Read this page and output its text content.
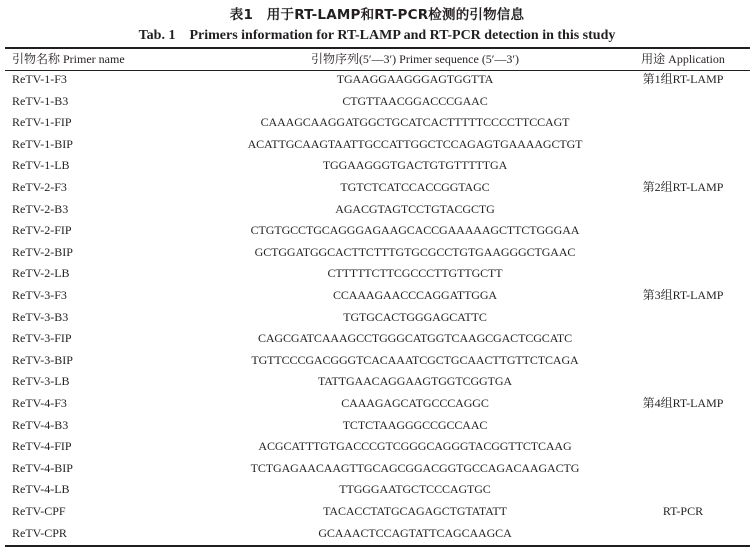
表1　用于RT-LAMP和RT-PCR检测的引物信息
Tab. 1　Primers information for RT-LAMP and RT-PCR detection in this study
引物名称 Primer name	引物序列(5′—3′) Primer sequence (5′—3′)	用途 Application
ReTV-1-F3	TGAAGGAAGGGAGTGGTTA	第1组RT-LAMP
ReTV-1-B3	CTGTTAACGGACCCGAAC
ReTV-1-FIP	CAAAGCAAGGATGGCTGCATCACTTTTTCCCCTTCCAGT
ReTV-1-BIP	ACATTGCAAGTAATTGCCATTGGCTCCAGAGTGAAAAGCTGT
ReTV-1-LB	TGGAAGGGTGACTGTGTTTTTGA
ReTV-2-F3	TGTCTCATCCACCGGTAGC	第2组RT-LAMP
ReTV-2-B3	AGACGTAGTCCTGTACGCTG
ReTV-2-FIP	CTGTGCCTGCAGGGAGAAGCACCGAAAAAGCTTCTGGGAA
ReTV-2-BIP	GCTGGATGGCACTTCTTTGTGCGCCTGTGAAGGGCTGAAC
ReTV-2-LB	CTTTTTCTTCGCCCTTGTTGCTT
ReTV-3-F3	CCAAAGAACCCAGGATTGGA	第3组RT-LAMP
ReTV-3-B3	TGTGCACTGGGAGCATTC
ReTV-3-FIP	CAGCGATCAAAGCCTGGGCATGGTCAAGCGACTCGCATC
ReTV-3-BIP	TGTTCCCGACGGGTCACAAATCGCTGCAACTTGTTCTCAGA
ReTV-3-LB	TATTGAACAGGAAGTGGTCGGTGA
ReTV-4-F3	CAAAGAGCATGCCCAGGC	第4组RT-LAMP
ReTV-4-B3	TCTCTAAGGGCCGCCAAC
ReTV-4-FIP	ACGCATTTGTGACCCGTCGGGCAGGGTACGGTTCTCAAG
ReTV-4-BIP	TCTGAGAACAAGTTGCAGCGGACGGTGCCAGACAAGACTG
ReTV-4-LB	TTGGGAATGCTCCCAGTGC
ReTV-CPF	TACACCTATGCAGAGCTGTATATT	RT-PCR
ReTV-CPR	GCAAACTCCAGTATTCAGCAAGCA
